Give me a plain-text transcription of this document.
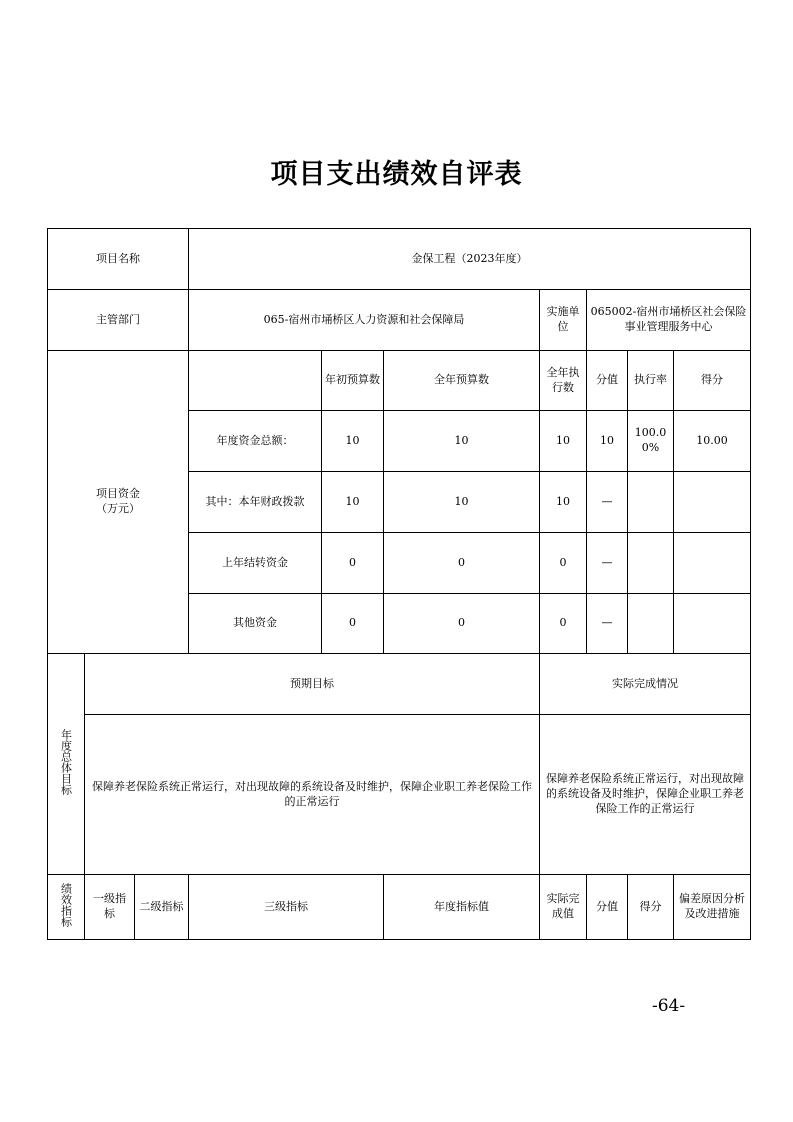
项目支出绩效自评表
项目名称			金保工程（2023年度）						
主管部门			065-宿州市埇桥区人力资源和社会保障局			实施单位	065002-宿州市埇桥区社会保险事业管理服务中心		
项目资金
（万元）				年初预算数	全年预算数	全年执行数	分值	执行率	得分
			年度资金总额：	10	10	10	10	100.00%	10.00
			其中：本年财政拨款	10	10	10	—		
			上年结转资金	0	0	0	—		
			其他资金	0	0	0	—		
年度总体目标	预期目标					实际完成情况			
	保障养老保险系统正常运行，对出现故障的系统设备及时维护，保障企业职工养老保险工作的正常运行					保障养老保险系统正常运行，对出现故障的系统设备及时维护，保障企业职工养老保险工作的正常运行			
绩效指标	一级指标	二级指标	三级指标		年度指标值	实际完成值	分值	得分	偏差原因分析及改进措施
-64-
